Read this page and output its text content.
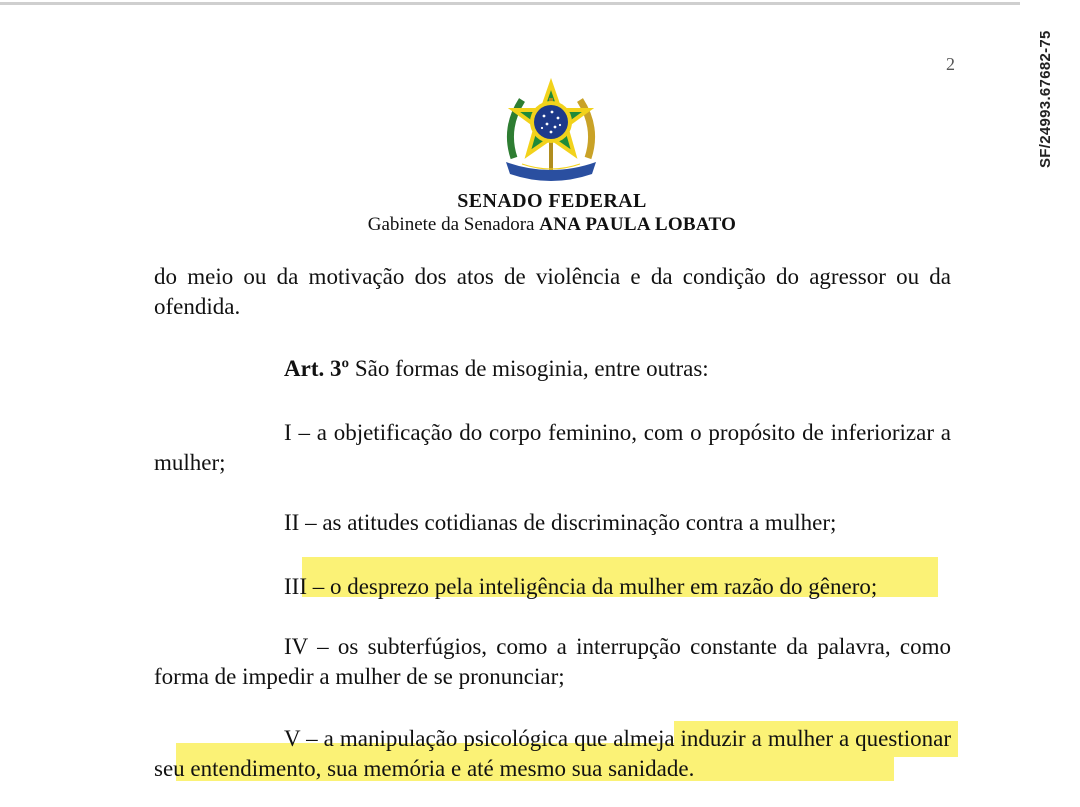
2	SF/24993.67682-75
SENADO FEDERAL
Gabinete da Senadora ANA PAULA LOBATO

do meio ou da motivação dos atos de violência e da condição do agressor ou da ofendida.

Art. 3º São formas de misoginia, entre outras:

I – a objetificação do corpo feminino, com o propósito de inferiorizar a mulher;

II – as atitudes cotidianas de discriminação contra a mulher;

III – o desprezo pela inteligência da mulher em razão do gênero;

IV – os subterfúgios, como a interrupção constante da palavra, como forma de impedir a mulher de se pronunciar;

V – a manipulação psicológica que almeja induzir a mulher a questionar seu entendimento, sua memória e até mesmo sua sanidade.
